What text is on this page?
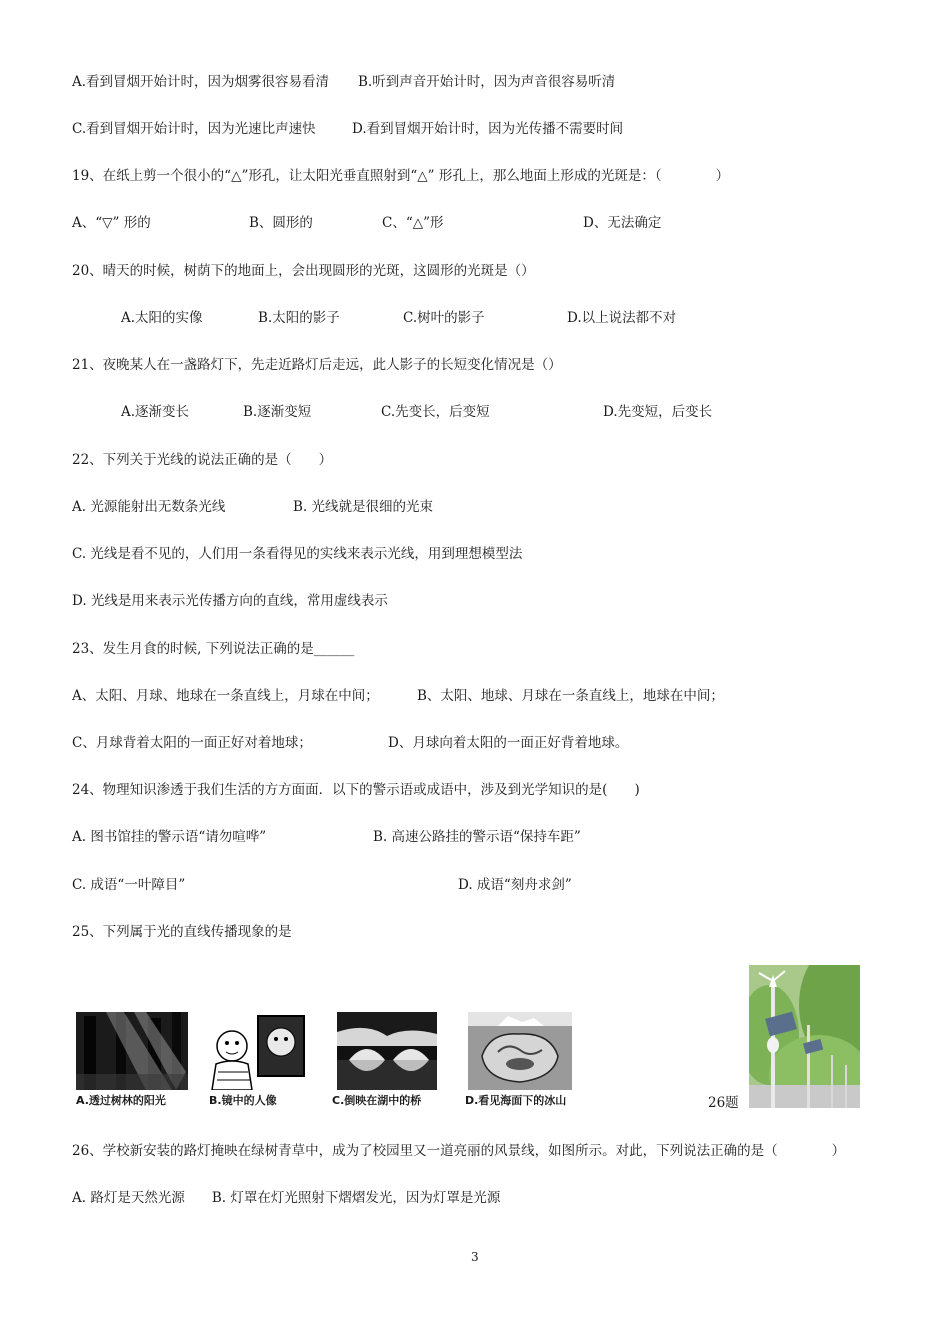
A.看到冒烟开始计时，因为烟雾很容易看清 B.听到声音开始计时，因为声音很容易听清
C.看到冒烟开始计时，因为光速比声速快	D.看到冒烟开始计时，因为光传播不需要时间
19、在纸上剪一个很小的“△”形孔，让太阳光垂直照射到“△” 形孔上，那么地面上形成的光斑是：（　　　　）
A、“▽” 形的	B、圆形的	C、“△”形	D、无法确定
20、晴天的时候，树荫下的地面上，会出现圆形的光斑，这圆形的光斑是（）
A.太阳的实像	B.太阳的影子	C.树叶的影子	D.以上说法都不对
21、夜晚某人在一盏路灯下，先走近路灯后走远，此人影子的长短变化情况是（）
A.逐渐变长	B.逐渐变短	C.先变长，后变短	D.先变短，后变长
22、下列关于光线的说法正确的是（　　）
A. 光源能射出无数条光线	B. 光线就是很细的光束
C. 光线是看不见的，人们用一条看得见的实线来表示光线，用到理想模型法
D. 光线是用来表示光传播方向的直线，常用虚线表示
23、发生月食的时候, 下列说法正确的是______
A、太阳、月球、地球在一条直线上，月球在中间；	B、太阳、地球、月球在一条直线上，地球在中间；
C、月球背着太阳的一面正好对着地球；	D、月球向着太阳的一面正好背着地球。
24、物理知识渗透于我们生活的方方面面．以下的警示语或成语中，涉及到光学知识的是(　　)
A. 图书馆挂的警示语“请勿喧哗”	B. 高速公路挂的警示语“保持车距”
C. 成语“一叶障目”	D. 成语“刻舟求剑”
25、下列属于光的直线传播现象的是
A.透过树林的阳光	B.镜中的人像	C.倒映在湖中的桥	D.看见海面下的冰山	26题
26、学校新安装的路灯掩映在绿树青草中，成为了校园里又一道亮丽的风景线，如图所示。对此，下列说法正确的是（　　　　）
A. 路灯是天然光源　　B. 灯罩在灯光照射下熠熠发光，因为灯罩是光源
3
